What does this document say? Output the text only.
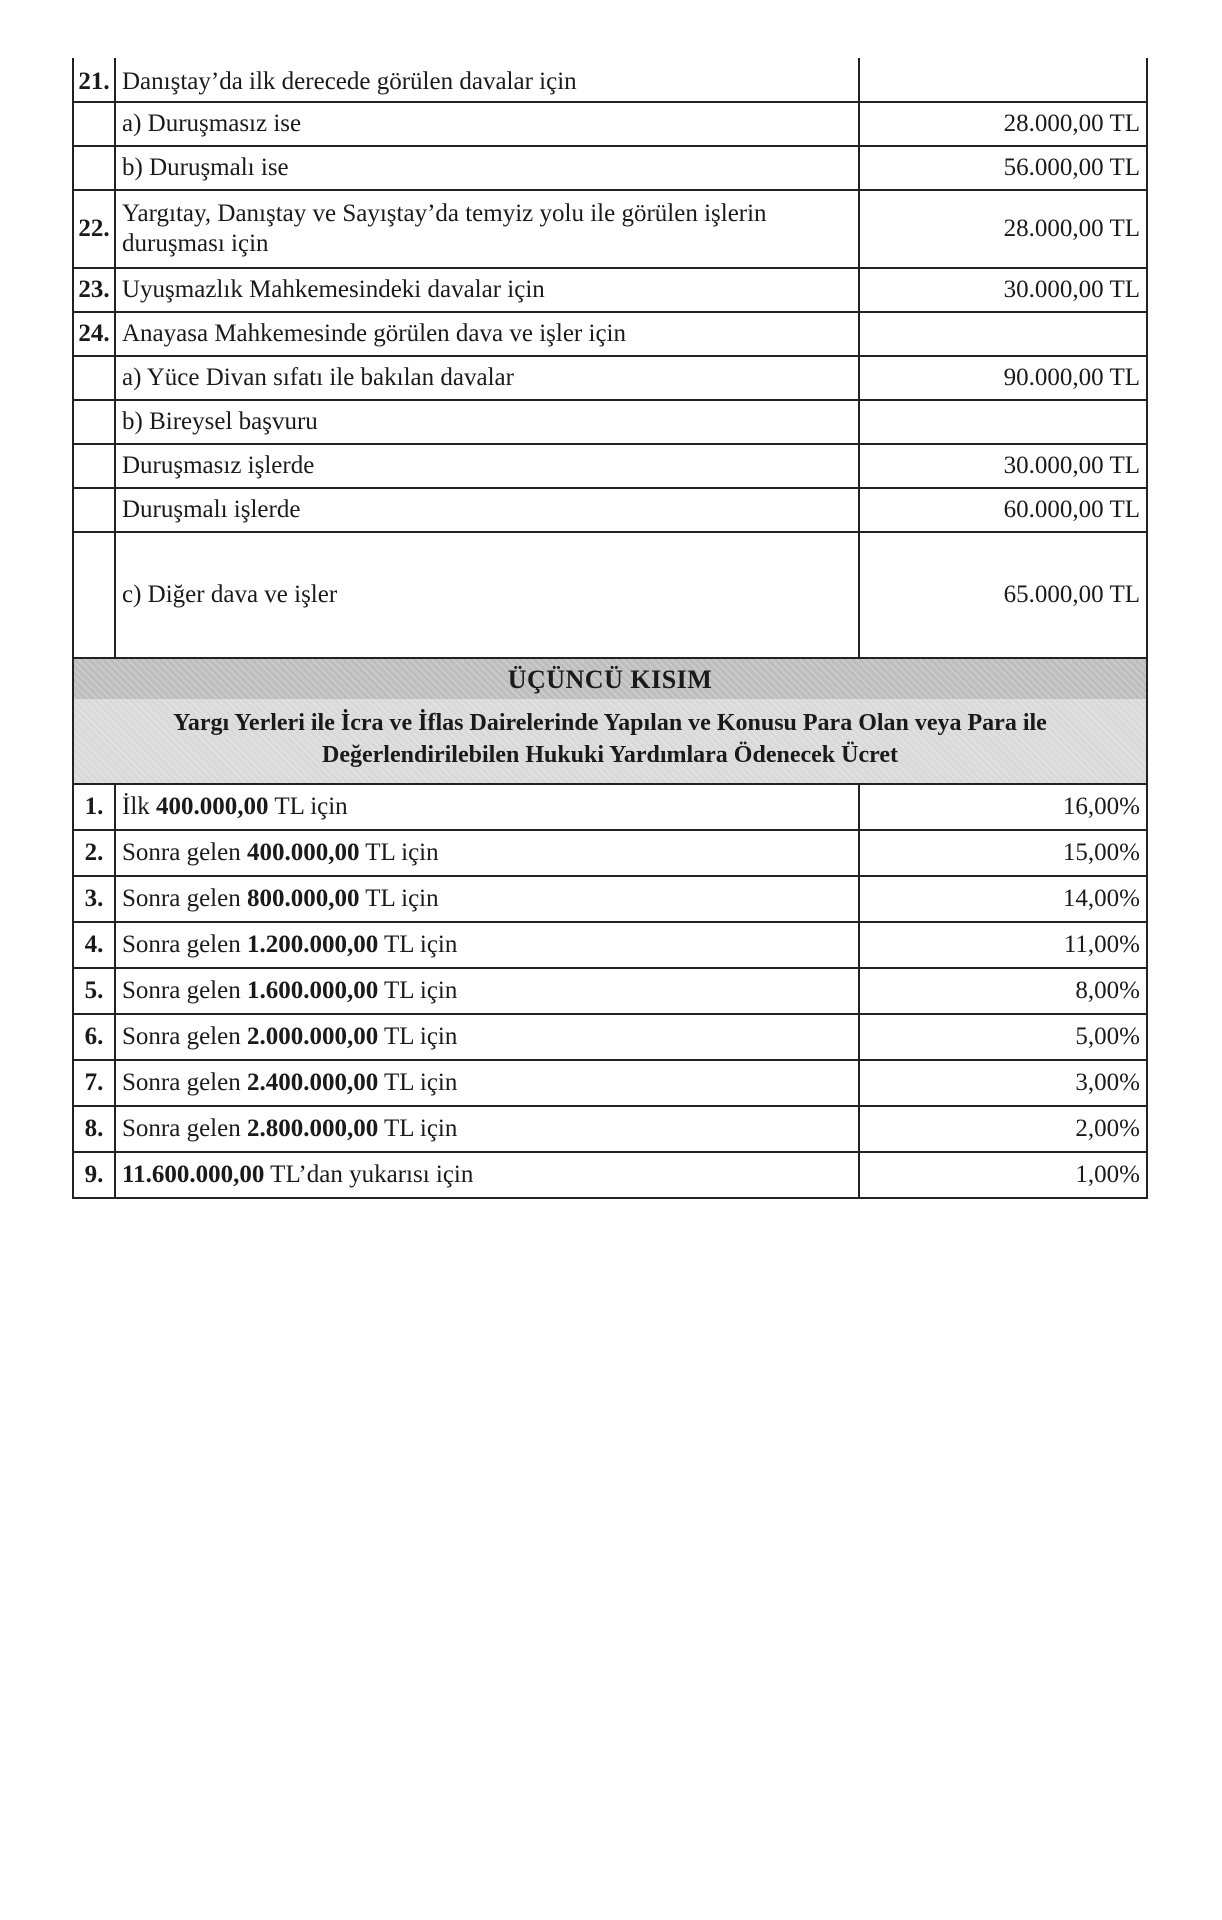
21.	Danıştay’da ilk derecede görülen davalar için	
	a) Duruşmasız ise	28.000,00 TL
	b) Duruşmalı ise	56.000,00 TL
22.	Yargıtay, Danıştay ve Sayıştay’da temyiz yolu ile görülen işlerin duruşması için	28.000,00 TL
23.	Uyuşmazlık Mahkemesindeki davalar için	30.000,00 TL
24.	Anayasa Mahkemesinde görülen dava ve işler için	
	a) Yüce Divan sıfatı ile bakılan davalar	90.000,00 TL
	b) Bireysel başvuru	
	Duruşmasız işlerde	30.000,00 TL
	Duruşmalı işlerde	60.000,00 TL
	c) Diğer dava ve işler	65.000,00 TL
ÜÇÜNCÜ KISIM
Yargı Yerleri ile İcra ve İflas Dairelerinde Yapılan ve Konusu Para Olan veya Para ile
Değerlendirilebilen Hukuki Yardımlara Ödenecek Ücret
1.	İlk 400.000,00 TL için	16,00%
2.	Sonra gelen 400.000,00 TL için	15,00%
3.	Sonra gelen 800.000,00 TL için	14,00%
4.	Sonra gelen 1.200.000,00 TL için	11,00%
5.	Sonra gelen 1.600.000,00 TL için	8,00%
6.	Sonra gelen 2.000.000,00 TL için	5,00%
7.	Sonra gelen 2.400.000,00 TL için	3,00%
8.	Sonra gelen 2.800.000,00 TL için	2,00%
9.	11.600.000,00 TL’dan yukarısı için	1,00%
